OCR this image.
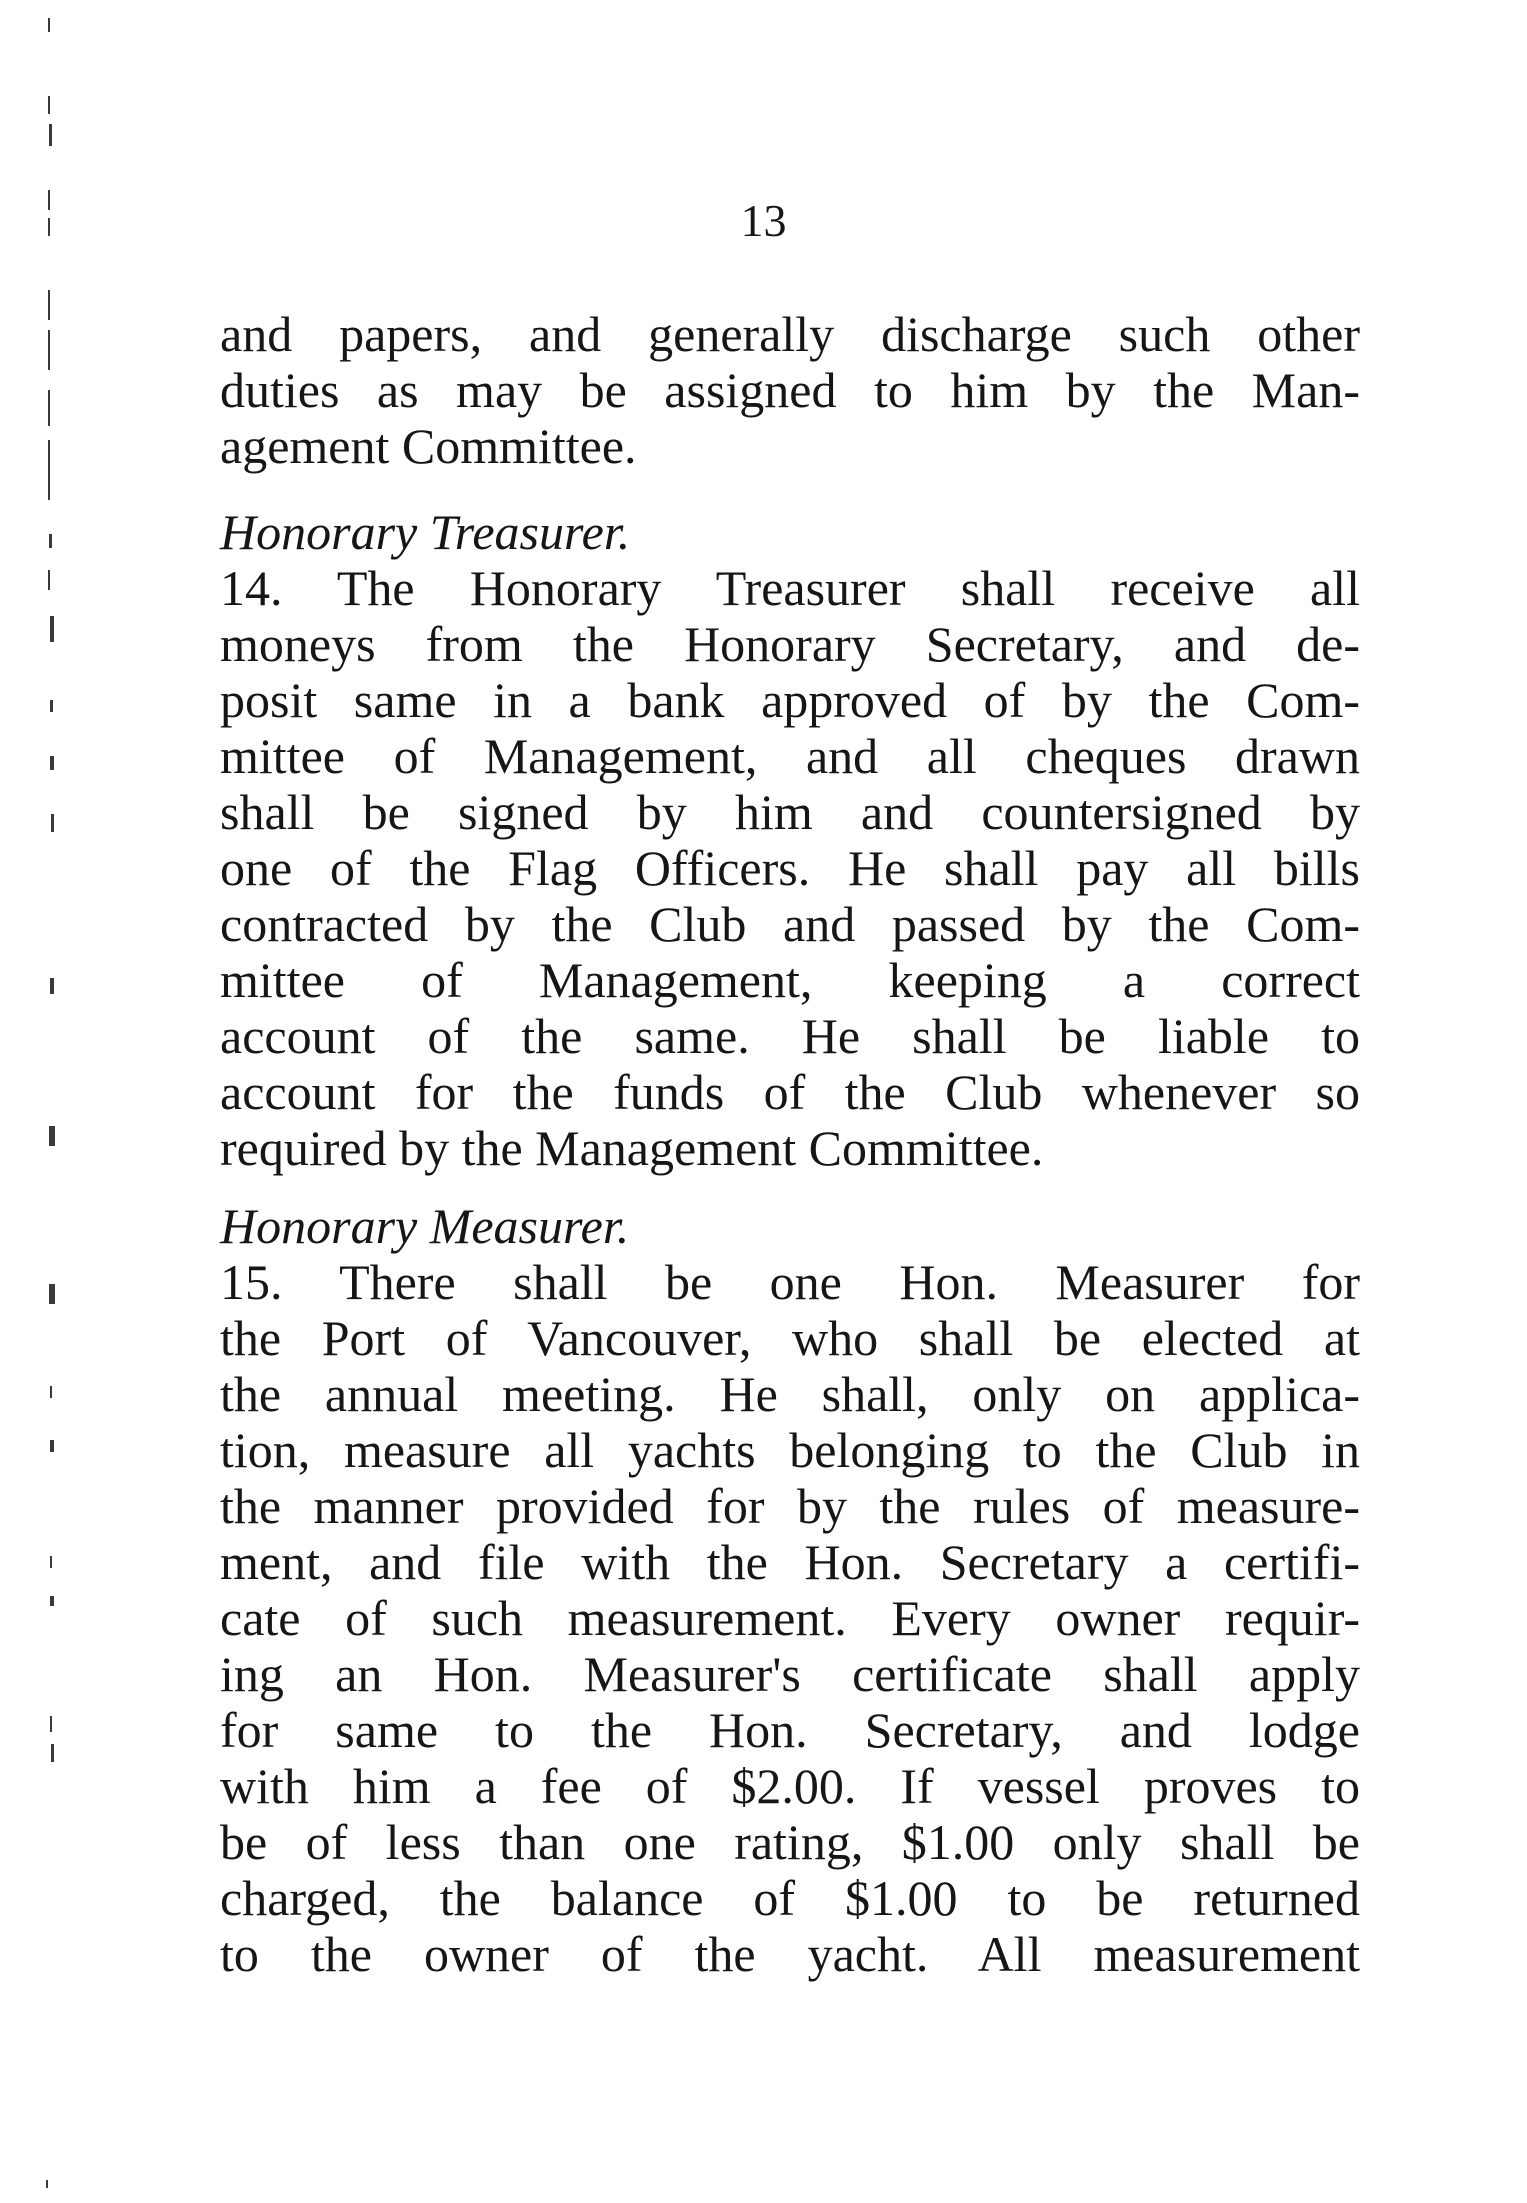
13
and papers, and generally discharge such other
duties as may be assigned to him by the Man-
agement Committee.
Honorary Treasurer.
14. The Honorary Treasurer shall receive all
moneys from the Honorary Secretary, and de-
posit same in a bank approved of by the Com-
mittee of Management, and all cheques drawn
shall be signed by him and countersigned by
one of the Flag Officers. He shall pay all bills
contracted by the Club and passed by the Com-
mittee of Management, keeping a correct
account of the same. He shall be liable to
account for the funds of the Club whenever so
required by the Management Committee.
Honorary Measurer.
15. There shall be one Hon. Measurer for
the Port of Vancouver, who shall be elected at
the annual meeting. He shall, only on applica-
tion, measure all yachts belonging to the Club in
the manner provided for by the rules of measure-
ment, and file with the Hon. Secretary a certifi-
cate of such measurement. Every owner requir-
ing an Hon. Measurer's certificate shall apply
for same to the Hon. Secretary, and lodge
with him a fee of $2.00. If vessel proves to
be of less than one rating, $1.00 only shall be
charged, the balance of $1.00 to be returned
to the owner of the yacht. All measurement
